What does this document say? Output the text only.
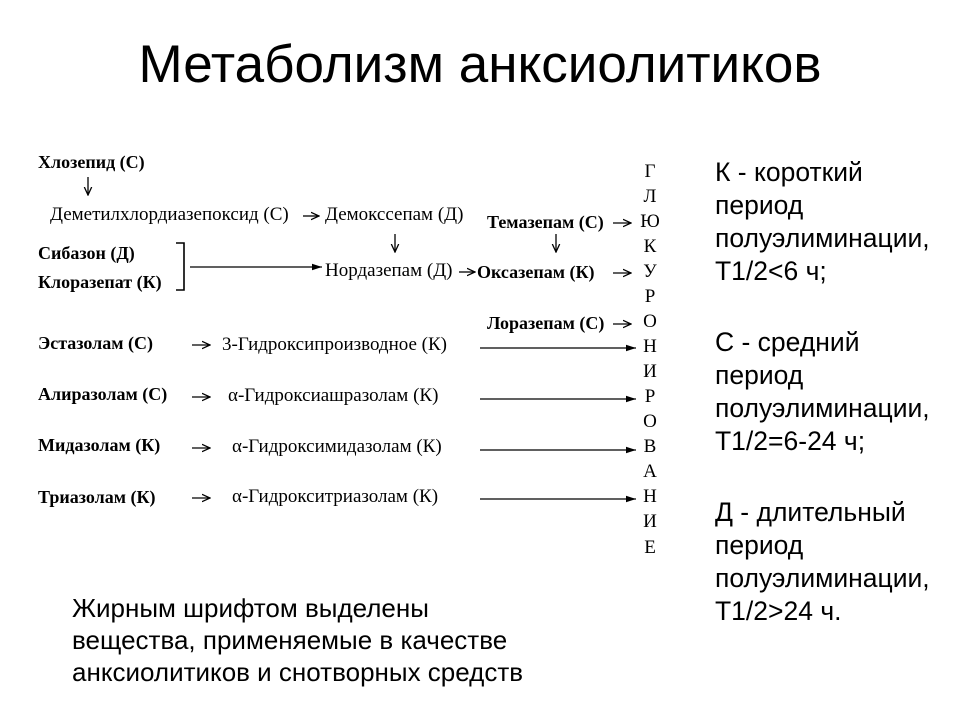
Метаболизм анксиолитиков
Хлозепид (С)
Деметилхлордиазепоксид (С) Демокссепам (Д) Темазепам (С)
Сибазон (Д)
Клоразепат (К)
Нордазепам (Д) Оксазепам (К)
Лоразепам (С)
Эстазолам (С)	3-Гидроксипроизводное (К)
Алиразолам (С)	α-Гидроксиашразолам (К)
Мидазолам (К)	α-Гидроксимидазолам (К)
Триазолам (К)	α-Гидрокситриазолам (К)
Г
Л
Ю
К
У
Р
О
Н
И
Р
О
В
А
Н
И
Е
К - короткий
период
полуэлиминации,
Т1/2<6 ч;
С - средний
период
полуэлиминации,
Т1/2=6-24 ч;
Д - длительный
период
полуэлиминации,
Т1/2>24 ч.
Жирным шрифтом выделены
вещества, применяемые в качестве
анксиолитиков и снотворных средств
